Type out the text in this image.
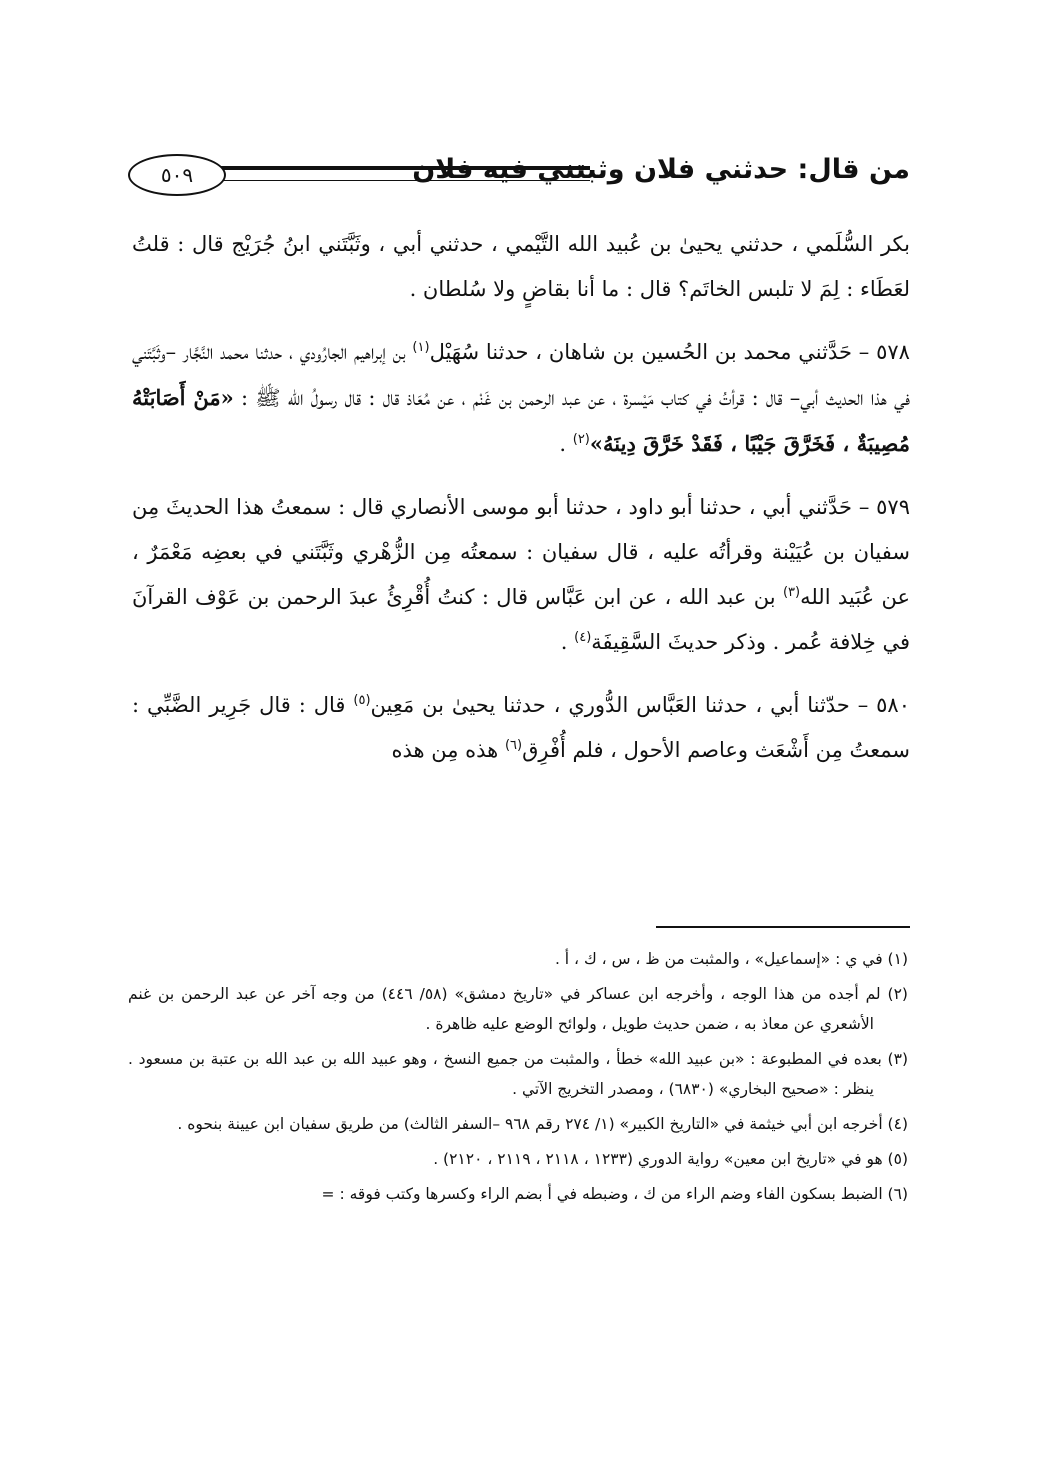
من قال: حدثني فلان وثبتني فيه فلان
٥٠٩

بكر السُّلَمي ، حدثني يحيىٰ بن عُبيد الله التَّيْمي ، حدثني أبي ، وثَبَّتَني ابنُ جُرَيْج قال : قلتُ لعَطَاء : لِمَ لا تلبس الخاتَم؟ قال : ما أنا بقاضٍ ولا سُلطان .

٥٧٨ – حَدَّثني محمد بن الحُسين بن شاهان ، حدثنا سُهَيْل$^{(١)}$ بن إبراهيم الجارُودي ، حدثنا محمد النَّجَّار –وثَبَّتَني في هذا الحديث أبي– قال : قرأتُ في كتاب مَيْسرة ، عن عبد الرحمن بن غَنْم ، عن مُعَاذ قال : قال رسولُ الله ﷺ : «مَنْ أَصَابَتْهُ مُصِيبَةٌ ، فَخَرَّقَ جَيْبًا ، فَقَدْ خَرَّقَ دِينَهُ»$^{(٢)}$ .

٥٧٩ – حَدَّثني أبي ، حدثنا أبو داود ، حدثنا أبو موسى الأنصاري قال : سمعتُ هذا الحديثَ مِن سفيان بن عُيَيْنة وقرأتُه عليه ، قال سفيان : سمعتُه مِن الزُّهْري وثَبَّتَني في بعضِه مَعْمَرٌ ، عن عُبَيد الله$^{(٣)}$ بن عبد الله ، عن ابن عَبَّاس قال : كنتُ أُقْرِئُ عبدَ الرحمن بن عَوْف القرآنَ في خِلافة عُمر . وذكر حديثَ السَّقِيفَة$^{(٤)}$ .

٥٨٠ – حدّثنا أبي ، حدثنا العَبَّاس الدُّوري ، حدثنا يحيىٰ بن مَعِين$^{(٥)}$ قال : قال جَرِير الضَّبِّي : سمعتُ مِن أَشْعَث وعاصم الأحول ، فلم أُفْرِق$^{(٦)}$ هذه مِن هذه

(١) في ي : «إسماعيل» ، والمثبت من ظ ، س ، ك ، أ .

(٢) لم أجده من هذا الوجه ، وأخرجه ابن عساكر في «تاريخ دمشق» (٥٨/ ٤٤٦) من وجه آخر عن عبد الرحمن بن غنم الأشعري عن معاذ به ، ضمن حديث طويل ، ولوائح الوضع عليه ظاهرة .

(٣) بعده في المطبوعة : «بن عبيد الله» خطأ ، والمثبت من جميع النسخ ، وهو عبيد الله بن عبد الله بن عتبة بن مسعود . ينظر : «صحيح البخاري» (٦٨٣٠) ، ومصدر التخريج الآتي .

(٤) أخرجه ابن أبي خيثمة في «التاريخ الكبير» (١/ ٢٧٤ رقم ٩٦٨ –السفر الثالث) من طريق سفيان ابن عيينة بنحوه .

(٥) هو في «تاريخ ابن معين» رواية الدوري (١٢٣٣ ، ٢١١٨ ، ٢١١٩ ، ٢١٢٠) .

(٦) الضبط بسكون الفاء وضم الراء من ك ، وضبطه في أ بضم الراء وكسرها وكتب فوقه : =
